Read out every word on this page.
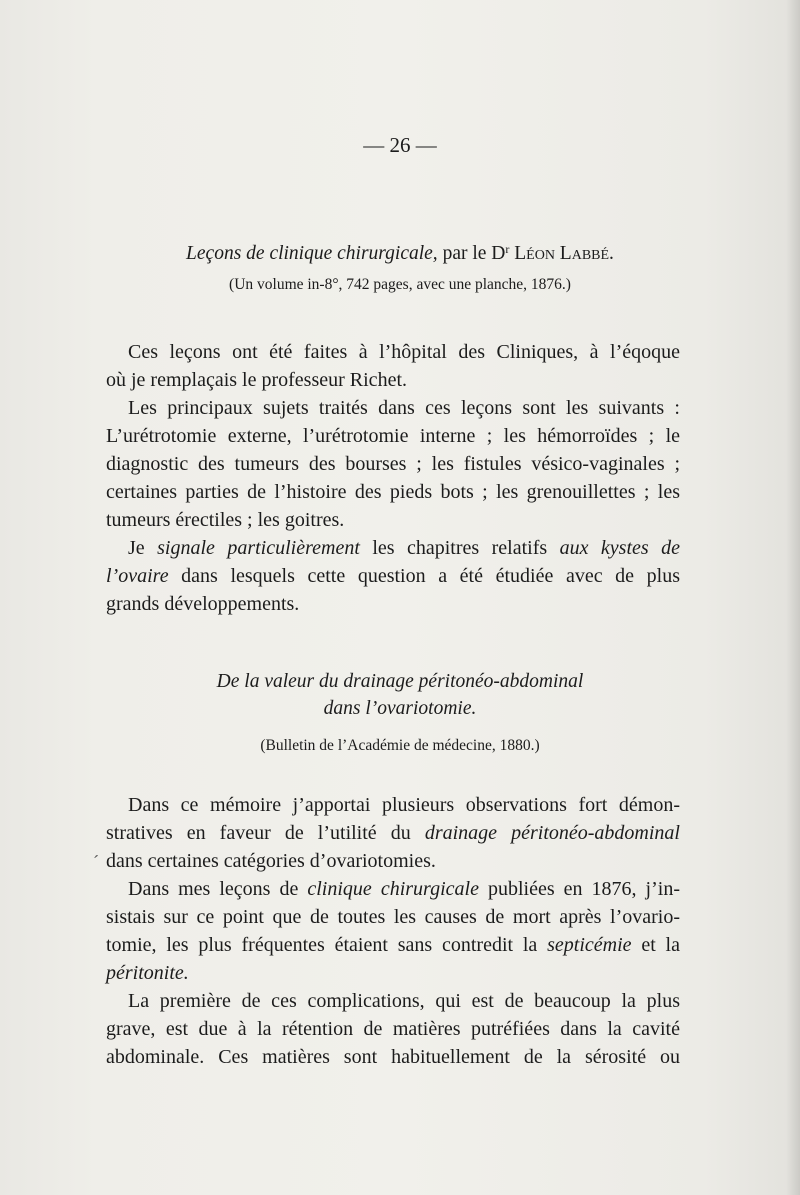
— 26 —
Leçons de clinique chirurgicale, par le $D^r$ Léon Labbé.
(Un volume in-8°, 742 pages, avec une planche, 1876.)
Ces leçons ont été faites à l’hôpital des Cliniques, à l’éqoque
où je remplaçais le professeur Richet.
Les principaux sujets traités dans ces leçons sont les suivants :
L’urétrotomie externe, l’urétrotomie interne ; les hémorroïdes ; le
diagnostic des tumeurs des bourses ; les fistules vésico-vaginales ;
certaines parties de l’histoire des pieds bots ; les grenouillettes ; les
tumeurs érectiles ; les goitres.
Je signale particulièrement les chapitres relatifs aux kystes de
l’ovaire dans lesquels cette question a été étudiée avec de plus
grands développements.
De la valeur du drainage péritonéo-abdominal
dans l’ovariotomie.
(Bulletin de l’Académie de médecine, 1880.)
Dans ce mémoire j’apportai plusieurs observations fort démon-
stratives en faveur de l’utilité du drainage péritonéo-abdominal
ˊ dans certaines catégories d’ovariotomies.
Dans mes leçons de clinique chirurgicale publiées en 1876, j’in-
sistais sur ce point que de toutes les causes de mort après l’ovario-
tomie, les plus fréquentes étaient sans contredit la septicémie et la
péritonite.
La première de ces complications, qui est de beaucoup la plus
grave, est due à la rétention de matières putréfiées dans la cavité
abdominale. Ces matières sont habituellement de la sérosité ou
